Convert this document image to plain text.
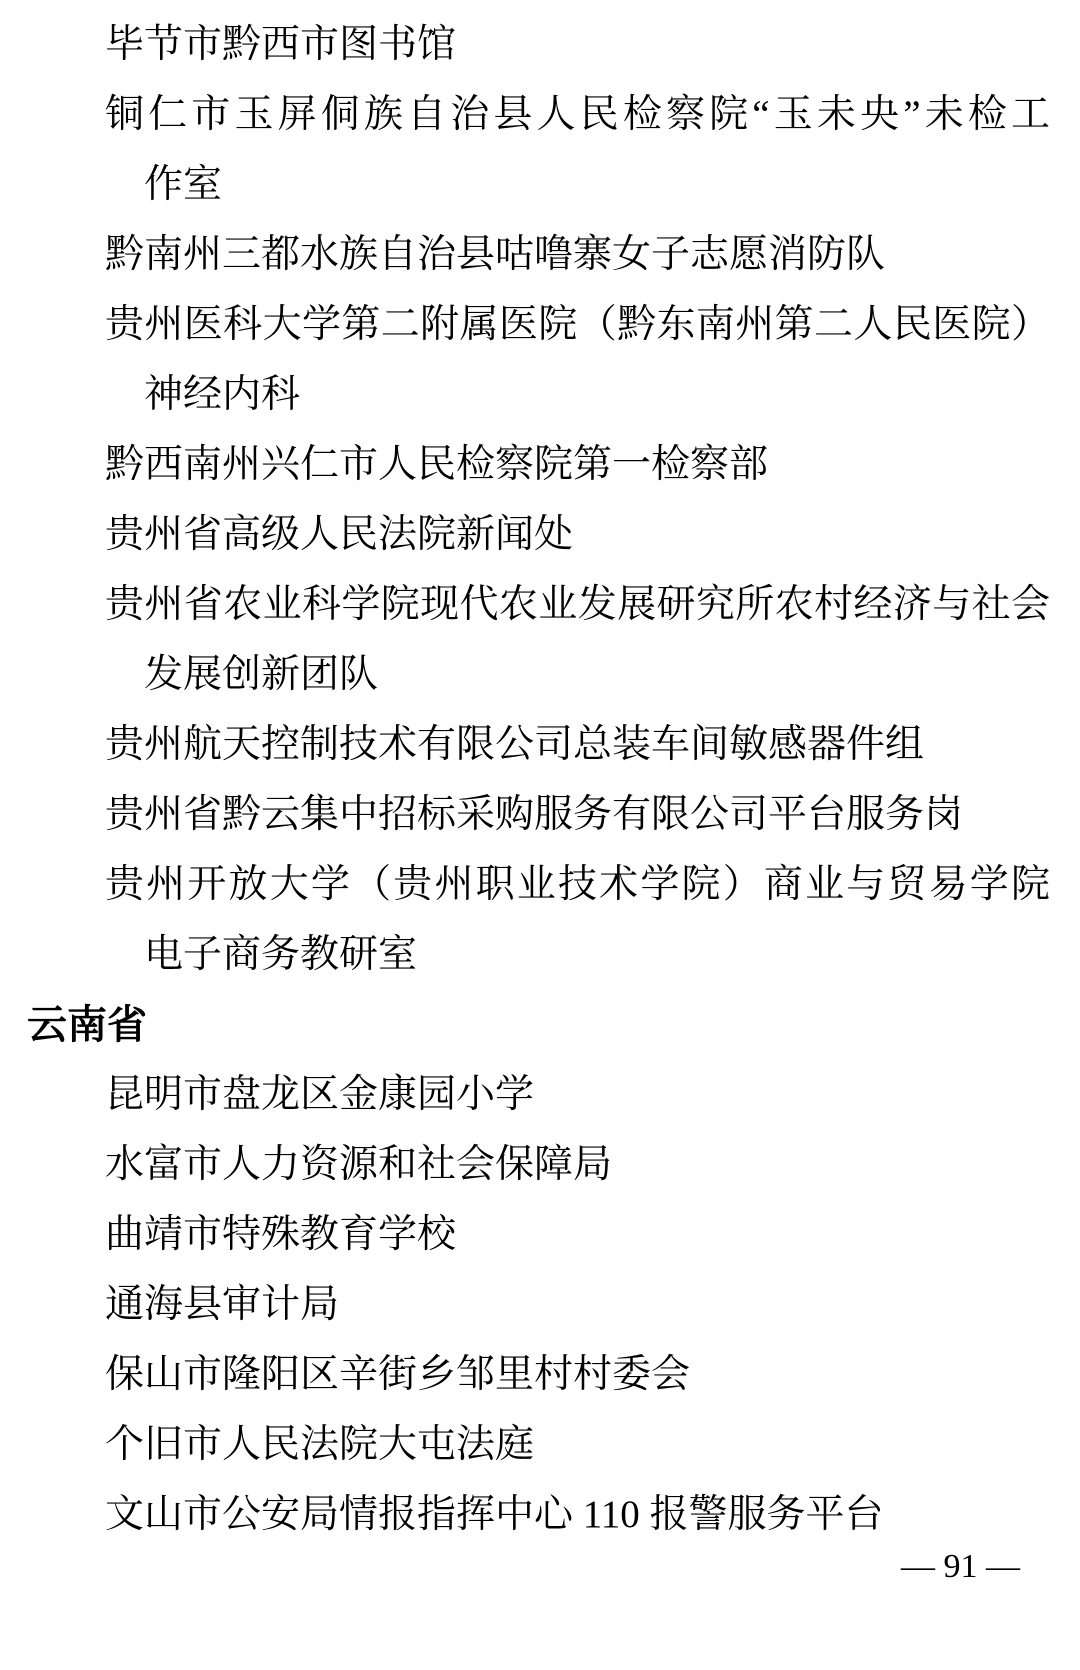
毕节市黔西市图书馆
铜仁市玉屏侗族自治县人民检察院“玉未央”未检工
作室
黔南州三都水族自治县咕噜寨女子志愿消防队
贵州医科大学第二附属医院（黔东南州第二人民医院）
神经内科
黔西南州兴仁市人民检察院第一检察部
贵州省高级人民法院新闻处
贵州省农业科学院现代农业发展研究所农村经济与社会
发展创新团队
贵州航天控制技术有限公司总装车间敏感器件组
贵州省黔云集中招标采购服务有限公司平台服务岗
贵州开放大学（贵州职业技术学院）商业与贸易学院
电子商务教研室
云南省
昆明市盘龙区金康园小学
水富市人力资源和社会保障局
曲靖市特殊教育学校
通海县审计局
保山市隆阳区辛街乡邹里村村委会
个旧市人民法院大屯法庭
文山市公安局情报指挥中心 110 报警服务平台
— 91 —
